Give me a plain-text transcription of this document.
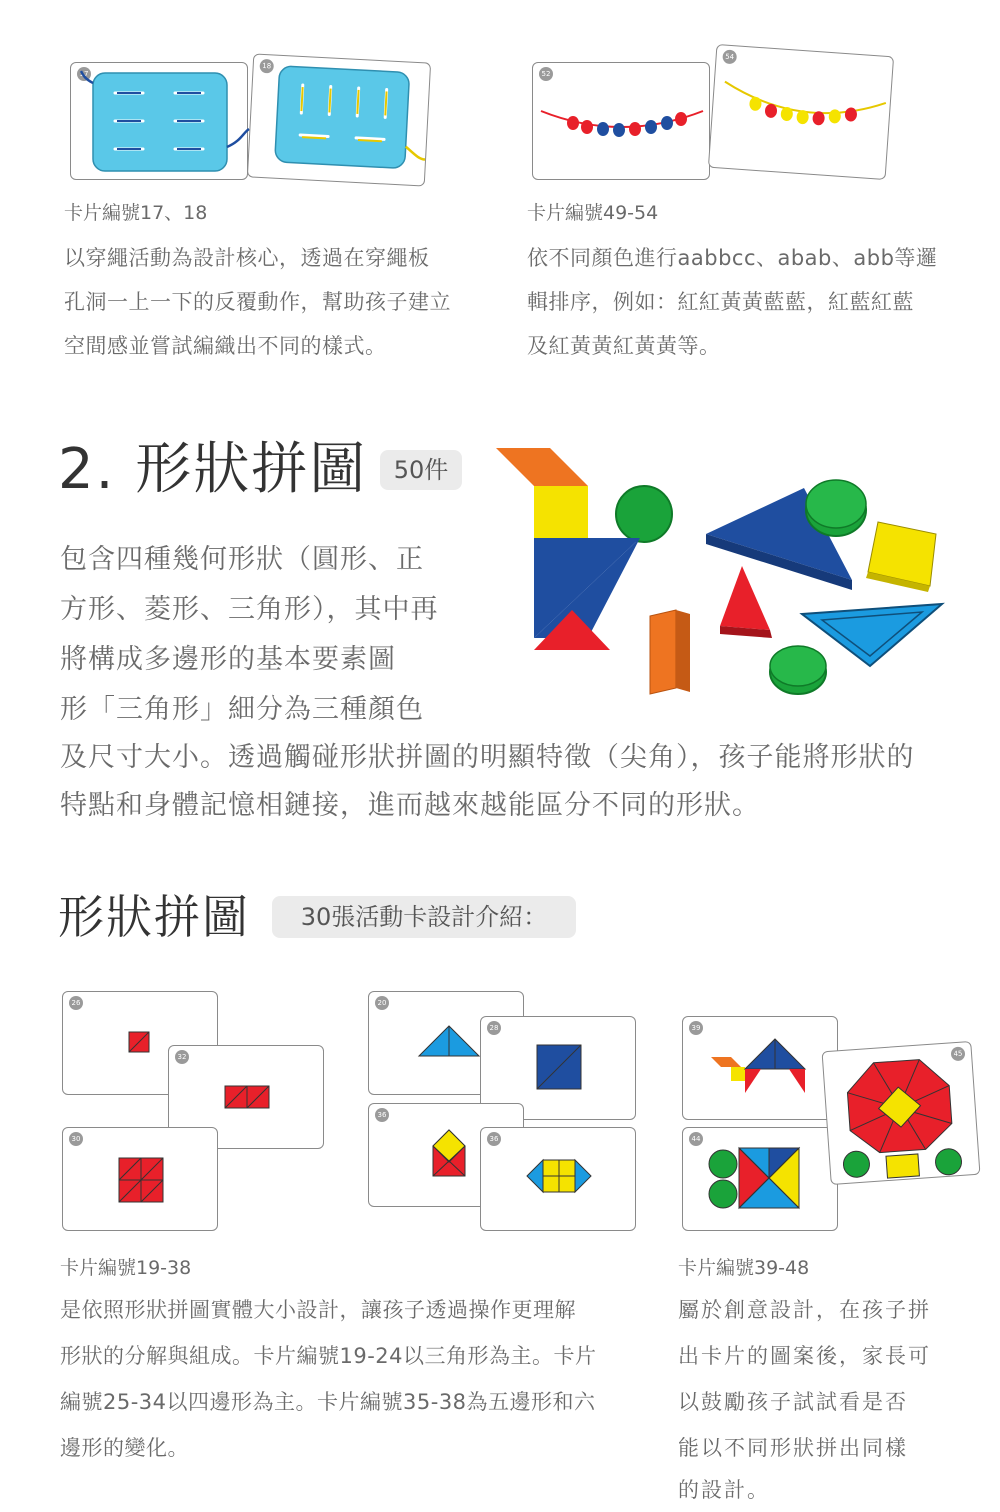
17
18
52
54
卡片編號17、18
以穿繩活動為設計核心，透過在穿繩板
孔洞一上一下的反覆動作，幫助孩子建立
空間感並嘗試編織出不同的樣式。
卡片編號49-54
依不同顏色進行aabbcc、abab、abb等邏
輯排序，例如：紅紅黃黃藍藍，紅藍紅藍
及紅黃黃紅黃黃等。
2. 形狀拼圖	50件
包含四種幾何形狀（圓形、正
方形、菱形、三角形），其中再
將構成多邊形的基本要素圖
形「三角形」細分為三種顏色
及尺寸大小。透過觸碰形狀拼圖的明顯特徵（尖角），孩子能將形狀的
特點和身體記憶相鏈接，進而越來越能區分不同的形狀。
形狀拼圖	30張活動卡設計介紹：
26
32
30
20
28
36
36
39
44
45
卡片編號19-38
是依照形狀拼圖實體大小設計，讓孩子透過操作更理解
形狀的分解與組成。卡片編號19-24以三角形為主。卡片
編號25-34以四邊形為主。卡片編號35-38為五邊形和六
邊形的變化。
卡片編號39-48
屬於創意設計，在孩子拼
出卡片的圖案後，家長可
以鼓勵孩子試試看是否
能以不同形狀拼出同樣
的設計。
